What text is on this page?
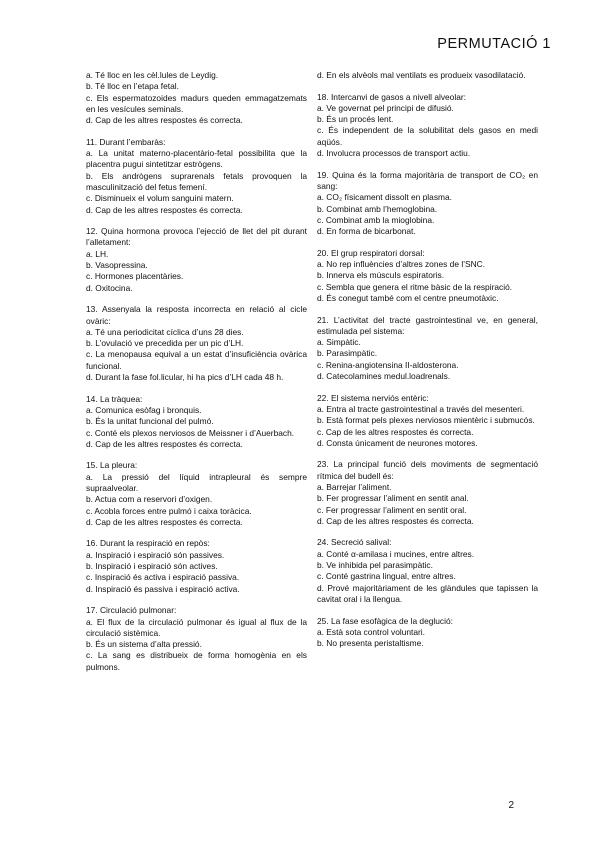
PERMUTACIÓ 1
a. Té lloc en les cèl.lules de Leydig.
b. Té lloc en l’etapa fetal.
c. Els espermatozoides madurs queden emmagatzemats en les vesícules seminals.
d. Cap de les altres respostes és correcta.
11. Durant l’embaràs:
a. La unitat materno-placentàrio-fetal possibilita que la placentra pugui sintetitzar estrògens.
b. Els andrògens suprarenals fetals provoquen la masculinització del fetus femení.
c. Disminueix el volum sanguini matern.
d. Cap de les altres respostes és correcta.
12. Quina hormona provoca l’ejecció de llet del pit durant l’alletament:
a. LH.
b. Vasopressina.
c. Hormones placentàries.
d. Oxitocina.
13. Assenyala la resposta incorrecta en relació al cicle ovàric:
a. Té una periodicitat cíclica d’uns 28 dies.
b. L’ovulació ve precedida per un pic d’LH.
c. La menopausa equival a un estat d’insuficiència ovàrica funcional.
d. Durant la fase fol.licular, hi ha pics d’LH cada 48 h.
14. La tràquea:
a. Comunica esòfag i bronquis.
b. És la unitat funcional del pulmó.
c. Conté els plexos nerviosos de Meissner i d’Auerbach.
d. Cap de les altres respostes és correcta.
15. La pleura:
a. La pressió del líquid intrapleural és sempre supraalveolar.
b. Actua com a reservori d’oxigen.
c. Acobla forces entre pulmó i caixa toràcica.
d. Cap de les altres respostes és correcta.
16. Durant la respiració en repòs:
a. Inspiració i espiració són passives.
b. Inspiració i espiració són actives.
c. Inspiració és activa i espiració passiva.
d. Inspiració és passiva i espiració activa.
17. Circulació pulmonar:
a. El flux de la circulació pulmonar és igual al flux de la circulació sistèmica.
b. És un sistema d’alta pressió.
c. La sang es distribueix de forma homogènia en els pulmons.
d. En els alvèols mal ventilats es produeix vasodilatació.
18. Intercanvi de gasos a nivell alveolar:
a. Ve governat pel principi de difusió.
b. És un procés lent.
c. És independent de la solubilitat dels gasos en medi aqüós.
d. Involucra processos de transport actiu.
19. Quina és la forma majoritària de transport de CO₂ en sang:
a. CO₂ físicament dissolt en plasma.
b. Combinat amb l’hemoglobina.
c. Combinat amb la mioglobina.
d. En forma de bicarbonat.
20. El grup respiratori dorsal:
a. No rep influències d’altres zones de l’SNC.
b. Innerva els múscuIs espiratoris.
c. Sembla que genera el ritme bàsic de la respiració.
d. És conegut també com el centre pneumotàxic.
21. L’activitat del tracte gastrointestinal ve, en general, estimulada pel sistema:
a. Simpàtic.
b. Parasimpàtic.
c. Renina-angiotensina II-aldosterona.
d. Catecolamines medul.loadrenals.
22. El sistema nerviós entèric:
a. Entra al tracte gastrointestinal a través del mesenteri.
b. Està format pels plexes nerviosos mientèric i submucós.
c. Cap de les altres respostes és correcta.
d. Consta únicament de neurones motores.
23. La principal funció dels moviments de segmentació rítmica del budell és:
a. Barrejar l’aliment.
b. Fer progressar l’aliment en sentit anal.
c. Fer progressar l’aliment en sentit oral.
d. Cap de les altres respostes és correcta.
24. Secreció salival:
a. Conté α-amilasa i mucines, entre altres.
b. Ve inhibida pel parasimpàtic.
c. Conté gastrina lingual, entre altres.
d. Prové majoritàriament de les glàndules que tapissen la cavitat oral i la llengua.
25. La fase esofàgica de la deglució:
a. Està sota control voluntari.
b. No presenta peristaltisme.
2
